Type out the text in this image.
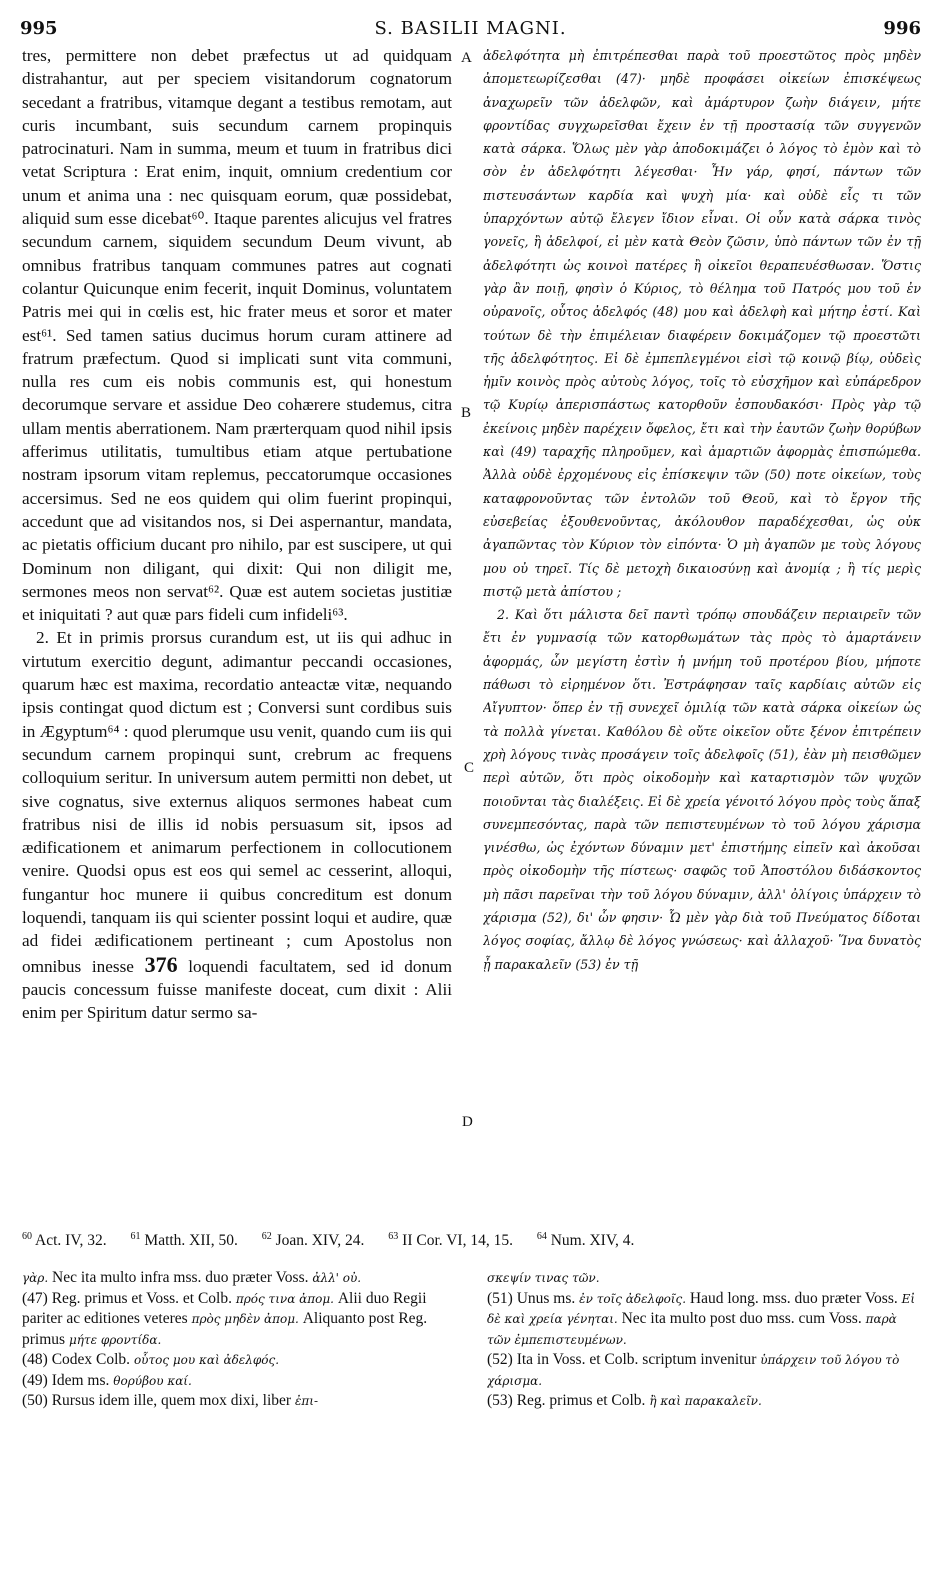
995	S. BASILII MAGNI.	996

tres, permittere non debet præfectus ut ad quidquam distrahantur, aut per speciem visitandorum cognatorum secedant a fratribus, vitamque degant a testibus remotam, aut curis incumbant, suis secundum carnem propinquis patrocinaturi. Nam in summa, meum et tuum in fratribus dici vetat Scriptura : Erat enim, inquit, omnium credentium cor unum et anima una : nec quisquam eorum, quæ possidebat, aliquid sum esse dicebat⁶⁰. Itaque parentes alicujus vel fratres secundum carnem, siquidem secundum Deum vivunt, ab omnibus fratribus tanquam communes patres aut cognati colantur Quicunque enim fecerit, inquit Dominus, voluntatem Patris mei qui in cœlis est, hic frater meus et soror et mater est⁶¹. Sed tamen satius ducimus horum curam attinere ad fratrum præfectum. Quod si implicati sunt vita communi, nulla res cum eis nobis communis est, qui honestum decorumque servare et assidue Deo cohærere studemus, citra ullam mentis aberrationem. Nam prærterquam quod nihil ipsis afferimus utilitatis, tumultibus etiam atque pertubatione nostram ipsorum vitam replemus, peccatorumque occasiones accersimus. Sed ne eos quidem qui olim fuerint propinqui, accedunt que ad visitandos nos, si Dei aspernantur, mandata, ac pietatis officium ducant pro nihilo, par est suscipere, ut qui Dominum non diligant, qui dixit: Qui non diligit me, sermones meos non servat⁶². Quæ est autem societas justitiæ et iniquitati ? aut quæ pars fideli cum infideli⁶³.

2. Et in primis prorsus curandum est, ut iis qui adhuc in virtutum exercitio degunt, adimantur peccandi occasiones, quarum hæc est maxima, recordatio anteactæ vitæ, nequando ipsis contingat quod dictum est ; Conversi sunt cordibus suis in Ægyptum⁶⁴ : quod plerumque usu venit, quando cum iis qui secundum carnem propinqui sunt, crebrum ac frequens colloquium seritur. In universum autem permitti non debet, ut sive cognatus, sive externus aliquos sermones habeat cum fratribus nisi de illis id nobis persuasum sit, ipsos ad ædificationem et animarum perfectionem in collocutionem venire. Quodsi opus est eos qui semel ac cesserint, alloqui, fungantur hoc munere ii quibus concreditum est donum loquendi, tanquam iis qui scienter possint loqui et audire, quæ ad fidei ædificationem pertineant ; cum Apostolus non omnibus inesse 376 loquendi facultatem, sed id donum paucis concessum fuisse manifeste doceat, cum dixit : Alii enim per Spiritum datur sermo sa-

A
B
C
D

ἀδελφότητα μὴ ἐπιτρέπεσθαι παρὰ τοῦ προεστῶτος πρὸς μηδὲν ἀπομετεωρίζεσθαι (47)· μηδὲ προφάσει οἰκείων ἐπισκέψεως ἀναχωρεῖν τῶν ἀδελφῶν, καὶ ἀμάρτυρον ζωὴν διάγειν, μήτε φροντίδας συγχωρεῖσθαι ἔχειν ἐν τῇ προστασίᾳ τῶν συγγενῶν κατὰ σάρκα. Ὅλως μὲν γὰρ ἀποδοκιμάζει ὁ λόγος τὸ ἐμὸν καὶ τὸ σὸν ἐν ἀδελφότητι λέγεσθαι· Ἦν γάρ, φησί, πάντων τῶν πιστευσάντων καρδία καὶ ψυχὴ μία· καὶ οὐδὲ εἷς τι τῶν ὑπαρχόντων αὐτῷ ἔλεγεν ἴδιον εἶναι. Οἱ οὖν κατὰ σάρκα τινὸς γονεῖς, ἢ ἀδελφοί, εἰ μὲν κατὰ Θεὸν ζῶσιν, ὑπὸ πάντων τῶν ἐν τῇ ἀδελφότητι ὡς κοινοὶ πατέρες ἢ οἰκεῖοι θεραπευέσθωσαν. Ὅστις γὰρ ἂν ποιῇ, φησὶν ὁ Κύριος, τὸ θέλημα τοῦ Πατρός μου τοῦ ἐν οὐρανοῖς, οὗτος ἀδελφός (48) μου καὶ ἀδελφὴ καὶ μήτηρ ἐστί. Καὶ τούτων δὲ τὴν ἐπιμέλειαν διαφέρειν δοκιμάζομεν τῷ προεστῶτι τῆς ἀδελφότητος. Εἰ δὲ ἐμπεπλεγμένοι εἰσὶ τῷ κοινῷ βίῳ, οὐδεὶς ἡμῖν κοινὸς πρὸς αὐτοὺς λόγος, τοῖς τὸ εὐσχῆμον καὶ εὐπάρεδρον τῷ Κυρίῳ ἀπερισπάστως κατορθοῦν ἐσπουδακόσι· Πρὸς γὰρ τῷ ἐκείνοις μηδὲν παρέχειν ὄφελος, ἔτι καὶ τὴν ἑαυτῶν ζωὴν θορύβων καὶ (49) ταραχῆς πληροῦμεν, καὶ ἁμαρτιῶν ἀφορμὰς ἐπισπώμεθα. Ἀλλὰ οὐδὲ ἐρχομένους εἰς ἐπίσκεψιν τῶν (50) ποτε οἰκείων, τοὺς καταφρονοῦντας τῶν ἐντολῶν τοῦ Θεοῦ, καὶ τὸ ἔργον τῆς εὐσεβείας ἐξουθενοῦντας, ἀκόλουθον παραδέχεσθαι, ὡς οὐκ ἀγαπῶντας τὸν Κύριον τὸν εἰπόντα· Ὁ μὴ ἀγαπῶν με τοὺς λόγους μου οὐ τηρεῖ. Τίς δὲ μετοχὴ δικαιοσύνῃ καὶ ἀνομίᾳ ; ἢ τίς μερὶς πιστῷ μετὰ ἀπίστου ;

2. Καὶ ὅτι μάλιστα δεῖ παντὶ τρόπῳ σπουδάζειν περιαιρεῖν τῶν ἔτι ἐν γυμνασίᾳ τῶν κατορθωμάτων τὰς πρὸς τὸ ἁμαρτάνειν ἀφορμάς, ὧν μεγίστη ἐστὶν ἡ μνήμη τοῦ προτέρου βίου, μήποτε πάθωσι τὸ εἰρημένον ὅτι. Ἐστράφησαν ταῖς καρδίαις αὐτῶν εἰς Αἴγυπτον· ὅπερ ἐν τῇ συνεχεῖ ὁμιλίᾳ τῶν κατὰ σάρκα οἰκείων ὡς τὰ πολλὰ γίνεται. Καθόλου δὲ οὔτε οἰκεῖον οὔτε ξένον ἐπιτρέπειν χρὴ λόγους τινὰς προσάγειν τοῖς ἀδελφοῖς (51), ἐὰν μὴ πεισθῶμεν περὶ αὐτῶν, ὅτι πρὸς οἰκοδομὴν καὶ καταρτισμὸν τῶν ψυχῶν ποιοῦνται τὰς διαλέξεις. Εἰ δὲ χρεία γένοιτό λόγου πρὸς τοὺς ἅπαξ συνεμπεσόντας, παρὰ τῶν πεπιστευμένων τὸ τοῦ λόγου χάρισμα γινέσθω, ὡς ἐχόντων δύναμιν μετ' ἐπιστήμης εἰπεῖν καὶ ἀκοῦσαι πρὸς οἰκοδομὴν τῆς πίστεως· σαφῶς τοῦ Ἀποστόλου διδάσκοντος μὴ πᾶσι παρεῖναι τὴν τοῦ λόγου δύναμιν, ἀλλ' ὀλίγοις ὑπάρχειν τὸ χάρισμα (52), δι' ὧν φησιν· Ὧ μὲν γὰρ διὰ τοῦ Πνεύματος δίδοται λόγος σοφίας, ἄλλῳ δὲ λόγος γνώσεως· καὶ ἀλλαχοῦ· Ἵνα δυνατὸς ᾖ παρακαλεῖν (53) ἐν τῇ

$^{60}$ Act. IV, 32. $^{61}$ Matth. XII, 50. $^{62}$ Joan. XIV, 24. $^{63}$ II Cor. VI, 14, 15. $^{64}$ Num. XIV, 4.

γὰρ. Nec ita multo infra mss. duo præter Voss. ἀλλ' οὐ.

(47) Reg. primus et Voss. et Colb. πρός τινα ἀπομ. Alii duo Regii pariter ac editiones veteres πρὸς μηδὲν ἀπομ. Aliquanto post Reg. primus μήτε φροντίδα.

(48) Codex Colb. οὗτος μου καὶ ἀδελφός.

(49) Idem ms. θορύβου καί.

(50) Rursus idem ille, quem mox dixi, liber ἐπι-

σκεψίν τινας τῶν.

(51) Unus ms. ἐν τοῖς ἀδελφοῖς. Haud long. mss. duo præter Voss. Εἰ δὲ καὶ χρεία γένηται. Nec ita multo post duo mss. cum Voss. παρὰ τῶν ἐμπεπιστευμένων.

(52) Ita in Voss. et Colb. scriptum invenitur ὑπάρχειν τοῦ λόγου τὸ χάρισμα.

(53) Reg. primus et Colb. ἢ καὶ παρακαλεῖν.
